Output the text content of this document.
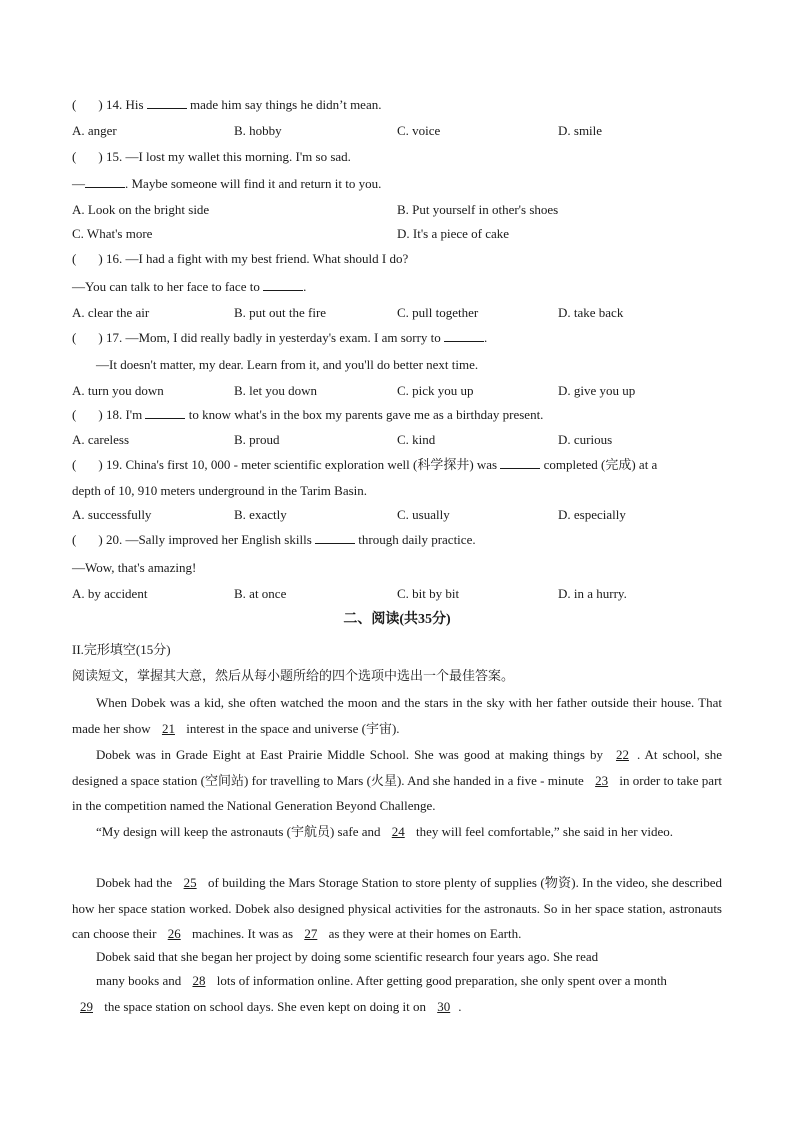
( ) 14. His	made him say things he didn’t mean.
A. anger	B. hobby	C. voice	D. smile
( ) 15. —I lost my wallet this morning. I'm so sad.
—	. Maybe someone will find it and return it to you.
A. Look on the bright side	B. Put yourself in other's shoes
C. What's more	D. It's a piece of cake
( ) 16. —I had a fight with my best friend. What should I do?
—You can talk to her face to face to	.
A. clear the air	B. put out the fire	C. pull together	D. take back
( ) 17. —Mom, I did really badly in yesterday's exam. I am sorry to	.
—It doesn't matter, my dear. Learn from it, and you'll do better next time.
A. turn you down	B. let you down	C. pick you up	D. give you up
( ) 18. I'm	to know what's in the box my parents gave me as a birthday present.
A. careless	B. proud	C. kind	D. curious
( ) 19. China's first 10, 000 - meter scientific exploration well (科学探井) was	completed (完成) at a
depth of 10, 910 meters underground in the Tarim Basin.
A. successfully	B. exactly	C. usually	D. especially
( ) 20. —Sally improved her English skills	through daily practice.
—Wow, that's amazing!
A. by accident	B. at once	C. bit by bit	D. in a hurry.
二、阅读(共35分)
II.完形填空(15分)
阅读短文，掌握其大意，然后从每小题所给的四个选项中选出一个最佳答案。
When Dobek was a kid, she often watched the moon and the stars in the sky with her father outside their house. That made her show 21 interest in the space and universe (宇宙).
Dobek was in Grade Eight at East Prairie Middle School. She was good at making things by 22 . At school, she designed a space station (空间站) for travelling to Mars (火星). And she handed in a five - minute 23 in order to take part in the competition named the National Generation Beyond Challenge.
“My design will keep the astronauts (宇航员) safe and 24 they will feel comfortable,” she said in her video.
Dobek had the 25 of building the Mars Storage Station to store plenty of supplies (物资). In the video, she described how her space station worked. Dobek also designed physical activities for the astronauts. So in her space station, astronauts can choose their 26 machines. It was as 27 as they were at their homes on Earth.
Dobek said that she began her project by doing some scientific research four years ago. She read
many books and 28 lots of information online. After getting good preparation, she only spent over a month
29 the space station on school days. She even kept on doing it on 30 .
